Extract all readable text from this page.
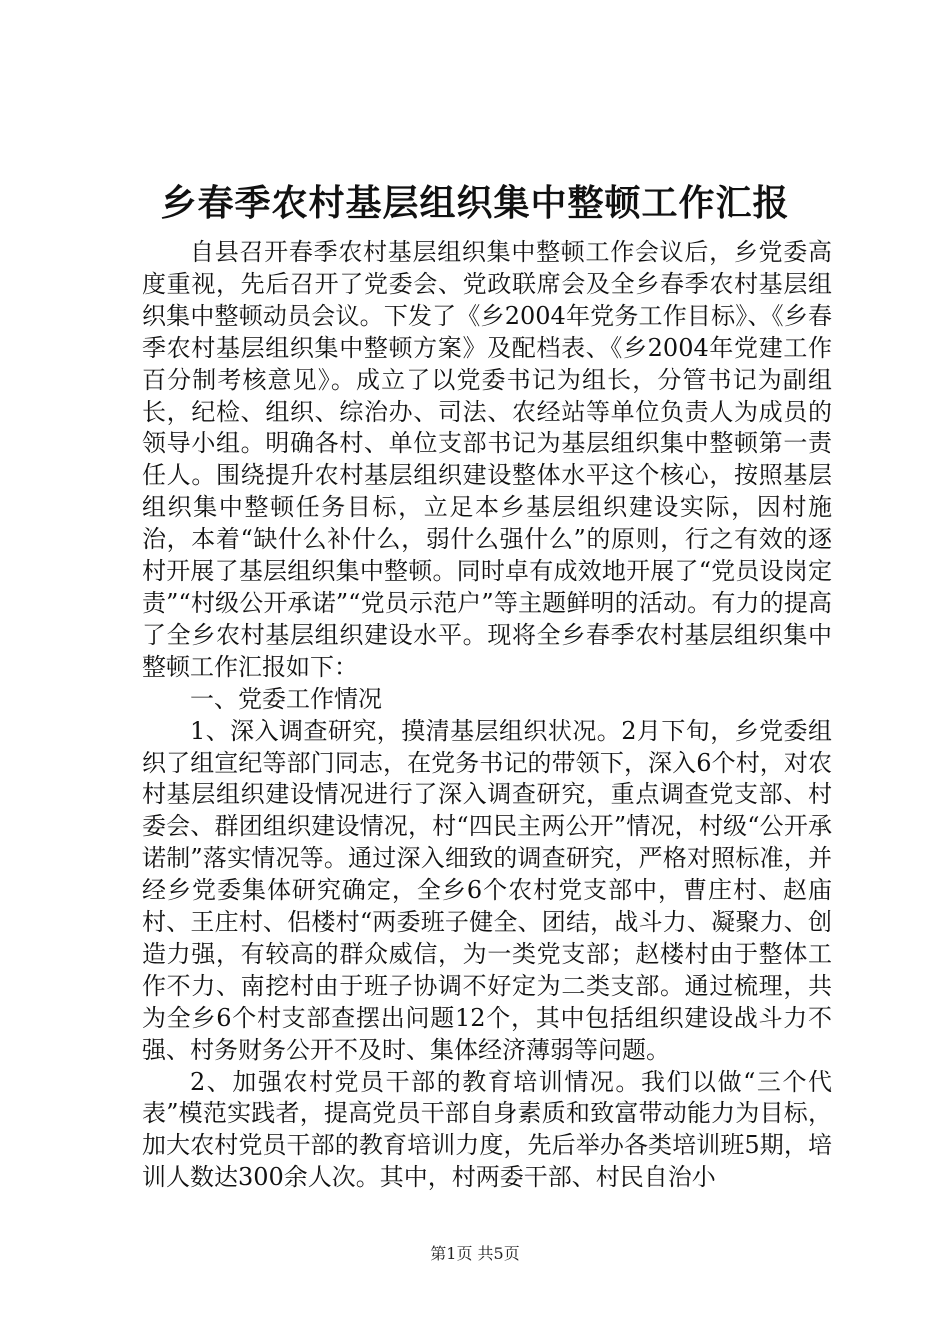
乡春季农村基层组织集中整顿工作汇报

自县召开春季农村基层组织集中整顿工作会议后，乡党委高度重视，先后召开了党委会、党政联席会及全乡春季农村基层组织集中整顿动员会议。下发了《乡2004年党务工作目标》、《乡春季农村基层组织集中整顿方案》及配档表、《乡2004年党建工作百分制考核意见》。成立了以党委书记为组长，分管书记为副组长，纪检、组织、综治办、司法、农经站等单位负责人为成员的领导小组。明确各村、单位支部书记为基层组织集中整顿第一责任人。围绕提升农村基层组织建设整体水平这个核心，按照基层组织集中整顿任务目标，立足本乡基层组织建设实际，因村施治，本着“缺什么补什么，弱什么强什么”的原则，行之有效的逐村开展了基层组织集中整顿。同时卓有成效地开展了“党员设岗定责”“村级公开承诺”“党员示范户”等主题鲜明的活动。有力的提高了全乡农村基层组织建设水平。现将全乡春季农村基层组织集中整顿工作汇报如下：

一、党委工作情况

1、深入调查研究，摸清基层组织状况。2月下旬，乡党委组织了组宣纪等部门同志，在党务书记的带领下，深入6个村，对农村基层组织建设情况进行了深入调查研究，重点调查党支部、村委会、群团组织建设情况，村“四民主两公开”情况，村级“公开承诺制”落实情况等。通过深入细致的调查研究，严格对照标准，并经乡党委集体研究确定，全乡6个农村党支部中，曹庄村、赵庙村、王庄村、侣楼村“两委班子健全、团结，战斗力、凝聚力、创造力强，有较高的群众威信，为一类党支部；赵楼村由于整体工作不力、南挖村由于班子协调不好定为二类支部。通过梳理，共为全乡6个村支部查摆出问题12个，其中包括组织建设战斗力不强、村务财务公开不及时、集体经济薄弱等问题。

2、加强农村党员干部的教育培训情况。我们以做“三个代表”模范实践者，提高党员干部自身素质和致富带动能力为目标，加大农村党员干部的教育培训力度，先后举办各类培训班5期，培训人数达300余人次。其中，村两委干部、村民自治小

第1页 共5页
